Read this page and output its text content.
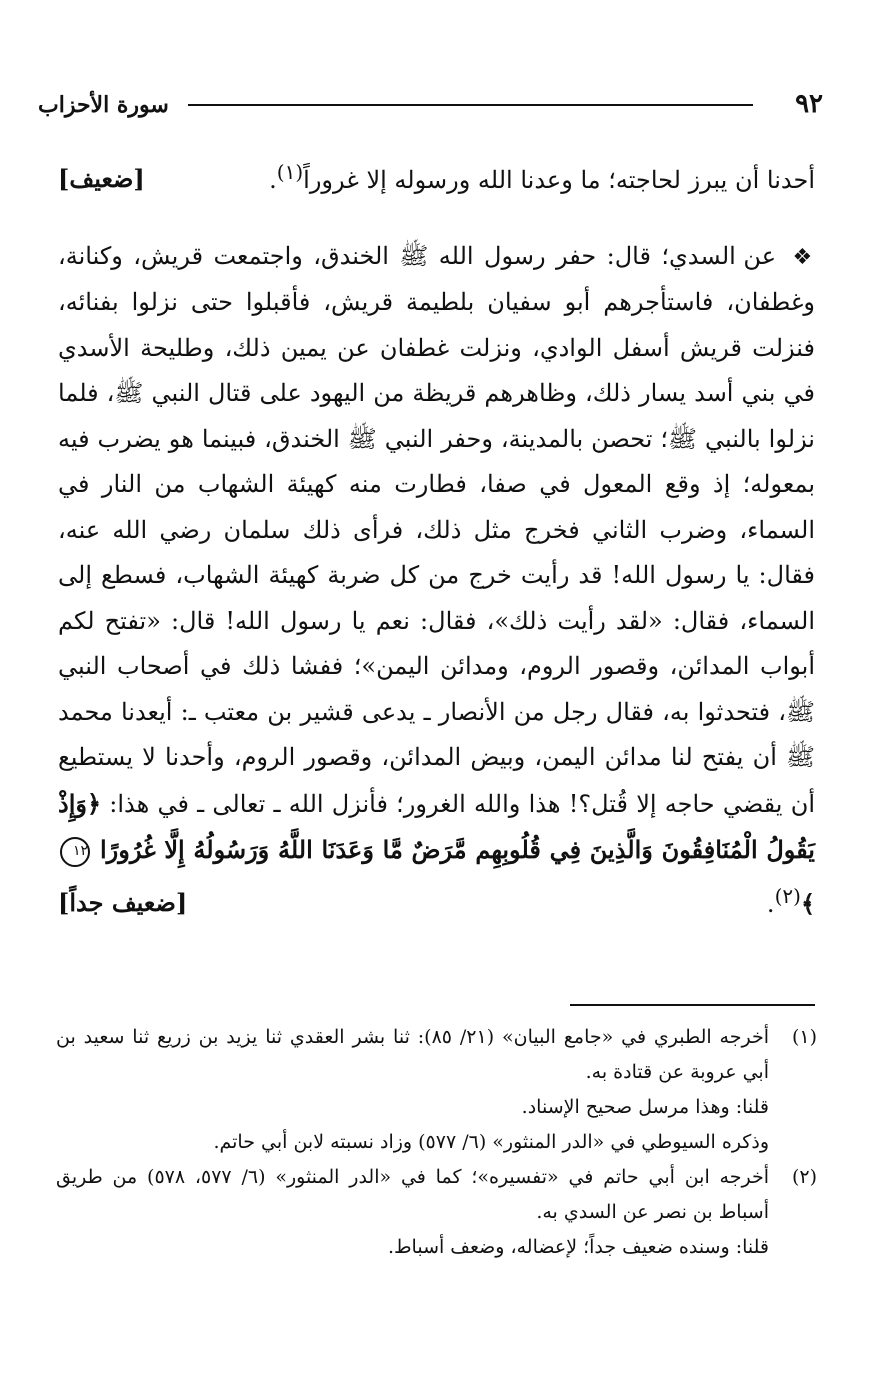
٩٢
سورة الأحزاب

[ضعيف]	أحدنا أن يبرز لحاجته؛ ما وعدنا الله ورسوله إلا غروراً$^{(١)}$.

❖ عن السدي؛ قال: حفر رسول الله ﷺ الخندق، واجتمعت قريش، وكنانة، وغطفان، فاستأجرهم أبو سفيان بلطيمة قريش، فأقبلوا حتى نزلوا بفنائه، فنزلت قريش أسفل الوادي، ونزلت غطفان عن يمين ذلك، وطليحة الأسدي في بني أسد يسار ذلك، وظاهرهم قريظة من اليهود على قتال النبي ﷺ، فلما نزلوا بالنبي ﷺ؛ تحصن بالمدينة، وحفر النبي ﷺ الخندق، فبينما هو يضرب فيه بمعوله؛ إذ وقع المعول في صفا، فطارت منه كهيئة الشهاب من النار في السماء، وضرب الثاني فخرج مثل ذلك، فرأى ذلك سلمان رضي الله عنه، فقال: يا رسول الله! قد رأيت خرج من كل ضربة كهيئة الشهاب، فسطع إلى السماء، فقال: «لقد رأيت ذلك»، فقال: نعم يا رسول الله! قال: «تفتح لكم أبواب المدائن، وقصور الروم، ومدائن اليمن»؛ ففشا ذلك في أصحاب النبي ﷺ، فتحدثوا به، فقال رجل من الأنصار ـ يدعى قشير بن معتب ـ: أيعدنا محمد ﷺ أن يفتح لنا مدائن اليمن، وبيض المدائن، وقصور الروم، وأحدنا لا يستطيع أن يقضي حاجه إلا قُتل؟! هذا والله الغرور؛ فأنزل الله ـ تعالى ـ في هذا: ﴿وَإِذْ يَقُولُ الْمُنَافِقُونَ وَالَّذِينَ فِي قُلُوبِهِم مَّرَضٌ مَّا وَعَدَنَا اللَّهُ وَرَسُولُهُ إِلَّا غُرُورًا ١٢﴾$^{(٢)}$.
[ضعيف جداً]

(١)
أخرجه الطبري في «جامع البيان» (٢١/ ٨٥): ثنا بشر العقدي ثنا يزيد بن زريع ثنا سعيد بن أبي عروبة عن قتادة به.

قلنا: وهذا مرسل صحيح الإسناد.

وذكره السيوطي في «الدر المنثور» (٦/ ٥٧٧) وزاد نسبته لابن أبي حاتم.

(٢)
أخرجه ابن أبي حاتم في «تفسيره»؛ كما في «الدر المنثور» (٦/ ٥٧٧، ٥٧٨) من طريق أسباط بن نصر عن السدي به.

قلنا: وسنده ضعيف جداً؛ لإعضاله، وضعف أسباط.
